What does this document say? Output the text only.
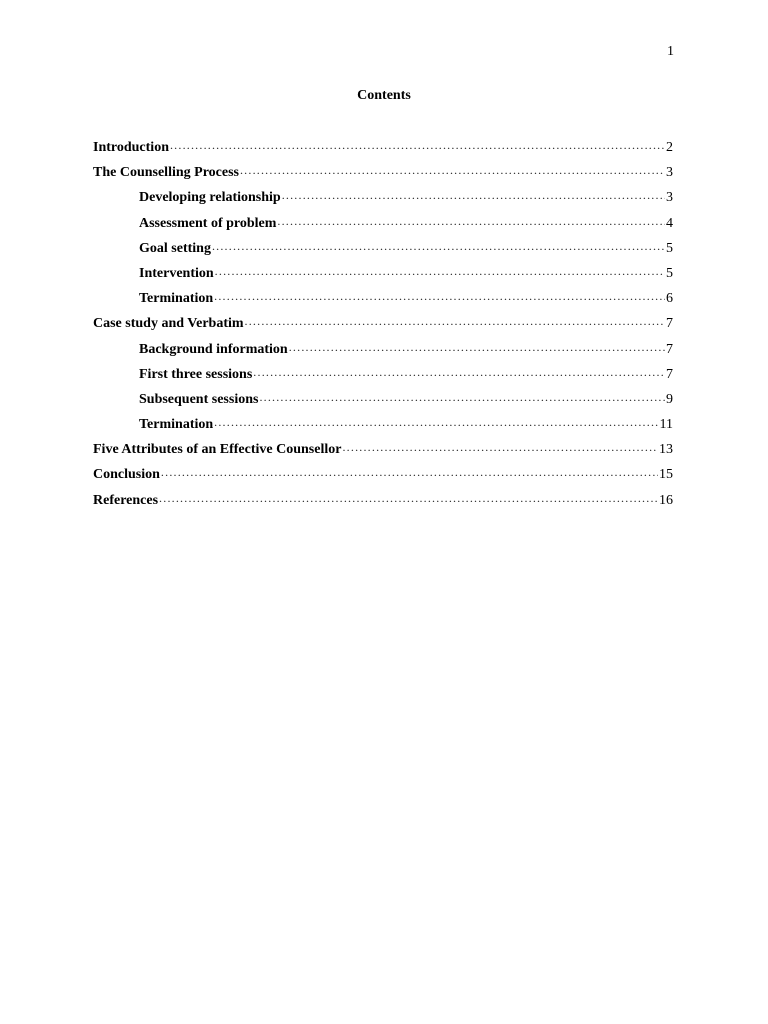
1
Contents
Introduction .....	2
The Counselling Process .....	3
Developing relationship .....	3
Assessment of problem .....	4
Goal setting .....	5
Intervention .....	5
Termination .....	6
Case study and Verbatim .....	7
Background information .....	7
First three sessions .....	7
Subsequent sessions .....	9
Termination .....	11
Five Attributes of an Effective Counsellor .....	13
Conclusion .....	15
References .....	16
